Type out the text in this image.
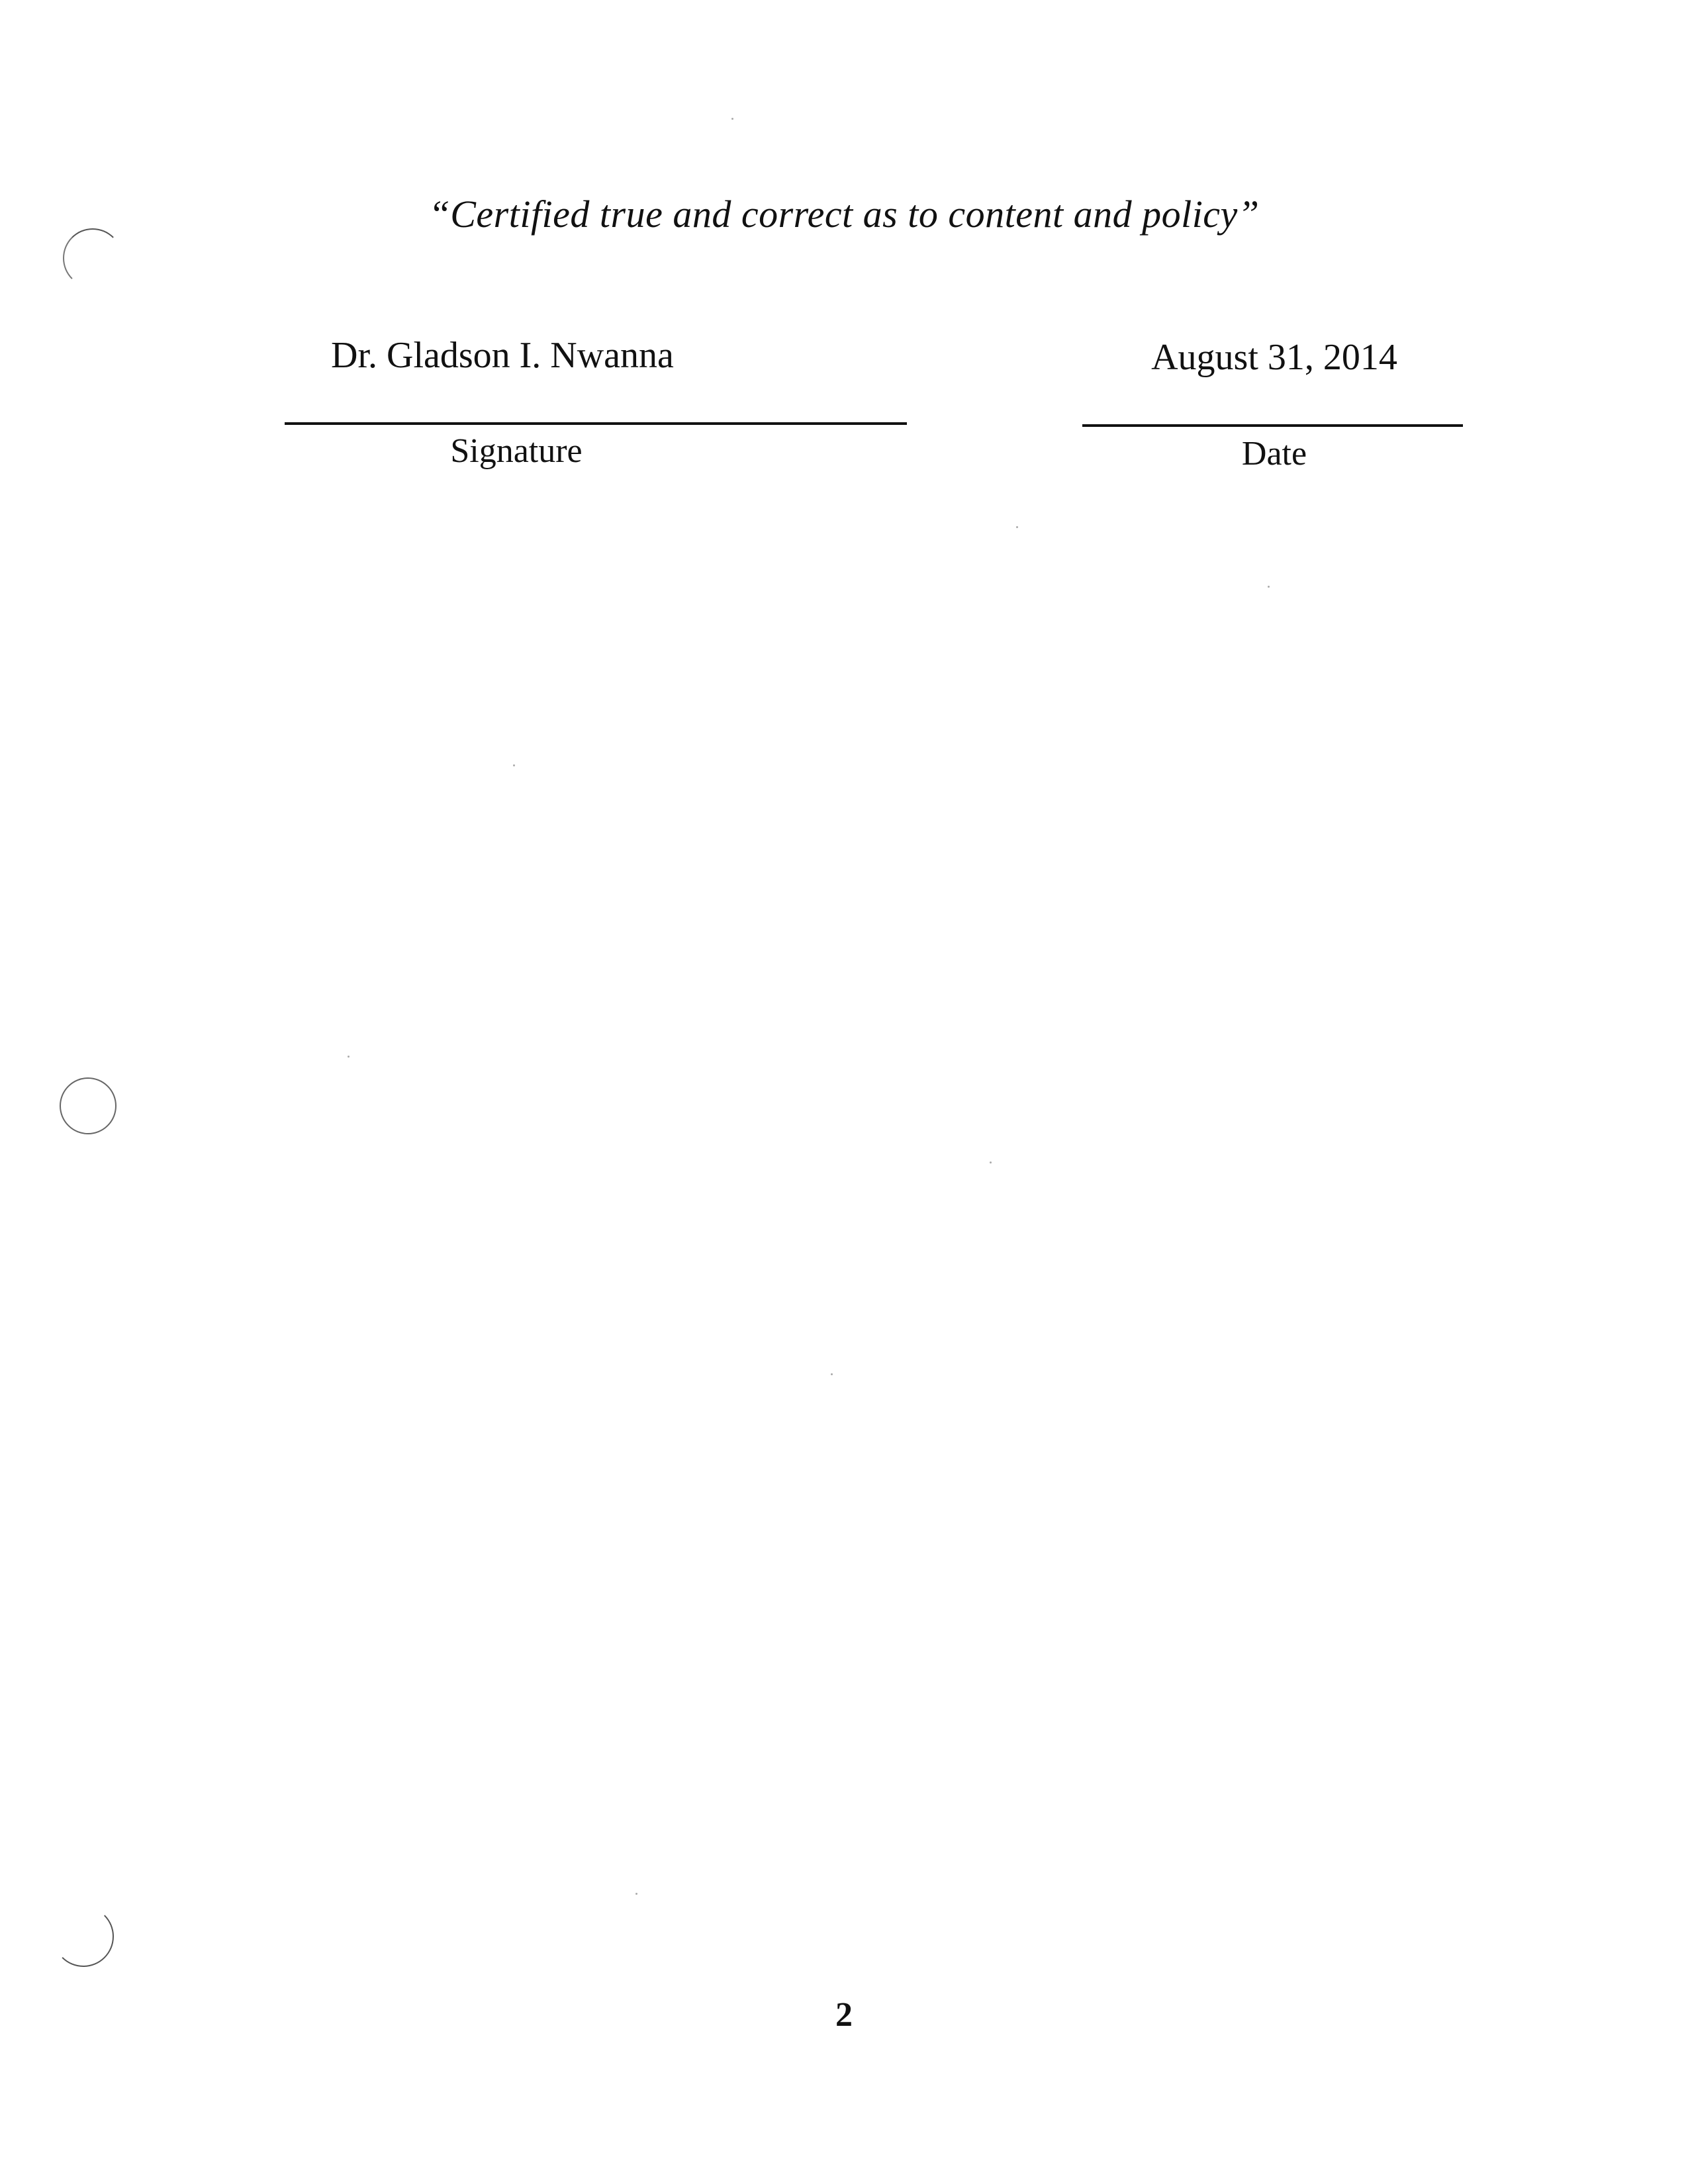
“Certified true and correct as to content and policy”
Dr. Gladson I. Nwanna	August 31, 2014
Signature	Date
2
